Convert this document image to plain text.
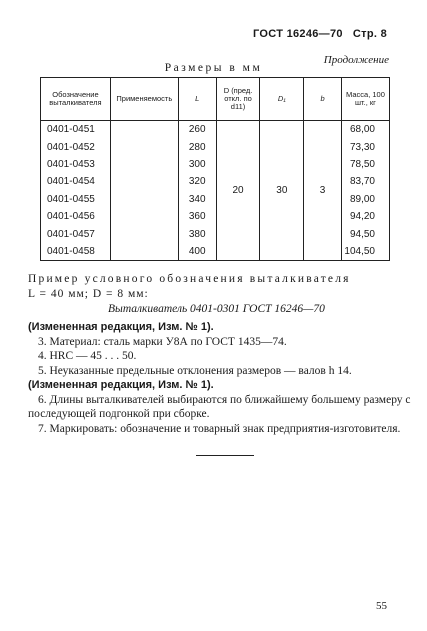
ГОСТ 16246—70 Стр. 8
Продолжение
Размеры в мм
Обозначение выталкивателя	Применяемость	L	D (пред. откл. по d11)	D₁	b	Масса, 100 шт., кг
0401-0451		260	20	30	3	68,00
0401-0452		280				73,30
0401-0453		300				78,50
0401-0454		320				83,70
0401-0455		340				89,00
0401-0456		360				94,20
0401-0457		380				94,50
0401-0458		400				104,50
Пример условного обозначения выталкивателя
L = 40 мм; D = 8 мм:
Выталкиватель 0401-0301 ГОСТ 16246—70

(Измененная редакция, Изм. № 1).

3. Материал: сталь марки У8А по ГОСТ 1435—74.

4. HRC — 45 . . . 50.

5. Неуказанные предельные отклонения размеров — валов h 14.

(Измененная редакция, Изм. № 1).

6. Длины выталкивателей выбираются по ближайшему большему размеру с последующей подгонкой при сборке.

7. Маркировать: обозначение и товарный знак предприятия-изготовителя.

55
